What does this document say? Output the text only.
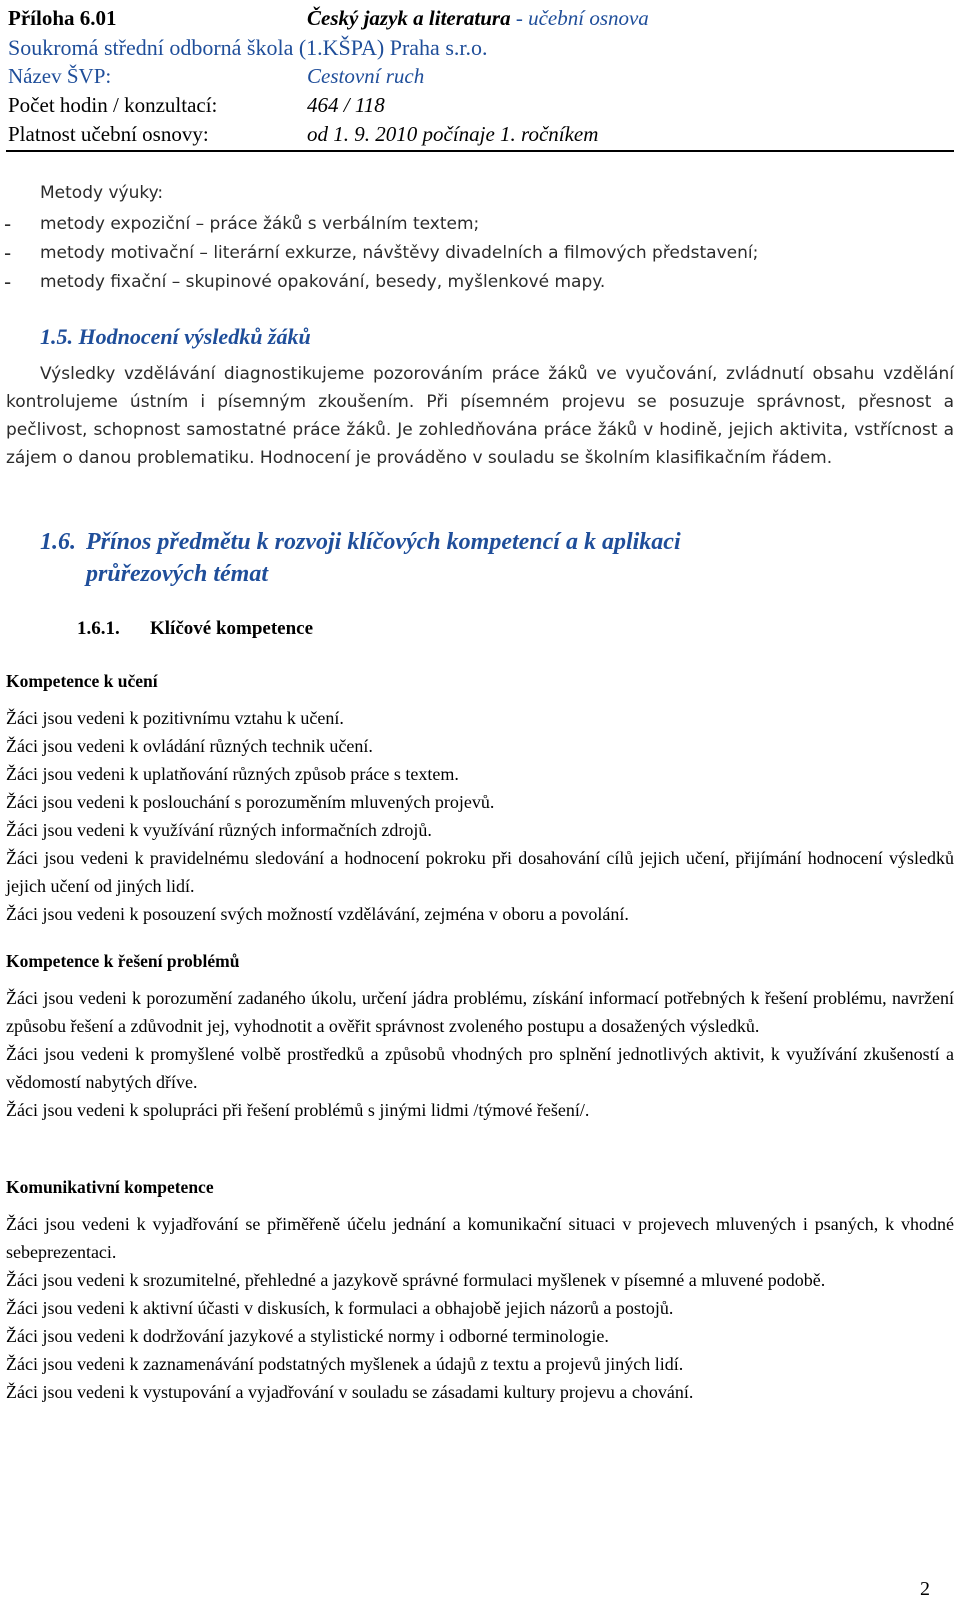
Příloha 6.01	Český jazyk a literatura - učební osnova
Soukromá střední odborná škola (1.KŠPA) Praha s.r.o.
Název ŠVP:	Cestovní ruch
Počet hodin / konzultací:	464 / 118
Platnost učební osnovy:	od 1. 9. 2010 počínaje 1. ročníkem
Metody výuky:
- metody expoziční – práce žáků s verbálním textem;
- metody motivační – literární exkurze, návštěvy divadelních a filmových představení;
- metody fixační – skupinové opakování, besedy, myšlenkové mapy.
1.5. Hodnocení výsledků žáků
Výsledky vzdělávání diagnostikujeme pozorováním práce žáků ve vyučování, zvládnutí obsahu vzdělání kontrolujeme ústním i písemným zkoušením. Při písemném projevu se posuzuje správnost, přesnost a pečlivost, schopnost samostatné práce žáků. Je zohledňována práce žáků v hodině, jejich aktivita, vstřícnost a zájem o danou problematiku. Hodnocení je prováděno v souladu se školním klasifikačním řádem.
1.6. Přínos předmětu k rozvoji klíčových kompetencí a k aplikaci
průřezových témat
1.6.1. Klíčové kompetence
Kompetence k učení
Žáci jsou vedeni k pozitivnímu vztahu k učení.
Žáci jsou vedeni k ovládání různých technik učení.
Žáci jsou vedeni k uplatňování různých způsob práce s textem.
Žáci jsou vedeni k poslouchání s porozuměním mluvených projevů.
Žáci jsou vedeni k využívání různých informačních zdrojů.
Žáci jsou vedeni k pravidelnému sledování a hodnocení pokroku při dosahování cílů jejich učení, přijímání hodnocení výsledků jejich učení od jiných lidí.
Žáci jsou vedeni k posouzení svých možností vzdělávání, zejména v oboru a povolání.
Kompetence k řešení problémů
Žáci jsou vedeni k porozumění zadaného úkolu, určení jádra problému, získání informací potřebných k řešení problému, navržení způsobu řešení a zdůvodnit jej, vyhodnotit a ověřit správnost zvoleného postupu a dosažených výsledků.
Žáci jsou vedeni k promyšlené volbě prostředků a způsobů vhodných pro splnění jednotlivých aktivit, k využívání zkušeností a vědomostí nabytých dříve.
Žáci jsou vedeni k spolupráci při řešení problémů s jinými lidmi /týmové řešení/.
Komunikativní kompetence
Žáci jsou vedeni k vyjadřování se přiměřeně účelu jednání a komunikační situaci v projevech mluvených i psaných, k vhodné sebeprezentaci.
Žáci jsou vedeni k srozumitelné, přehledné a jazykově správné formulaci myšlenek v písemné a mluvené podobě.
Žáci jsou vedeni k aktivní účasti v diskusích, k formulaci a obhajobě jejich názorů a postojů.
Žáci jsou vedeni k dodržování jazykové a stylistické normy i odborné terminologie.
Žáci jsou vedeni k zaznamenávání podstatných myšlenek a údajů z textu a projevů jiných lidí.
Žáci jsou vedeni k vystupování a vyjadřování v souladu se zásadami kultury projevu a chování.
2
